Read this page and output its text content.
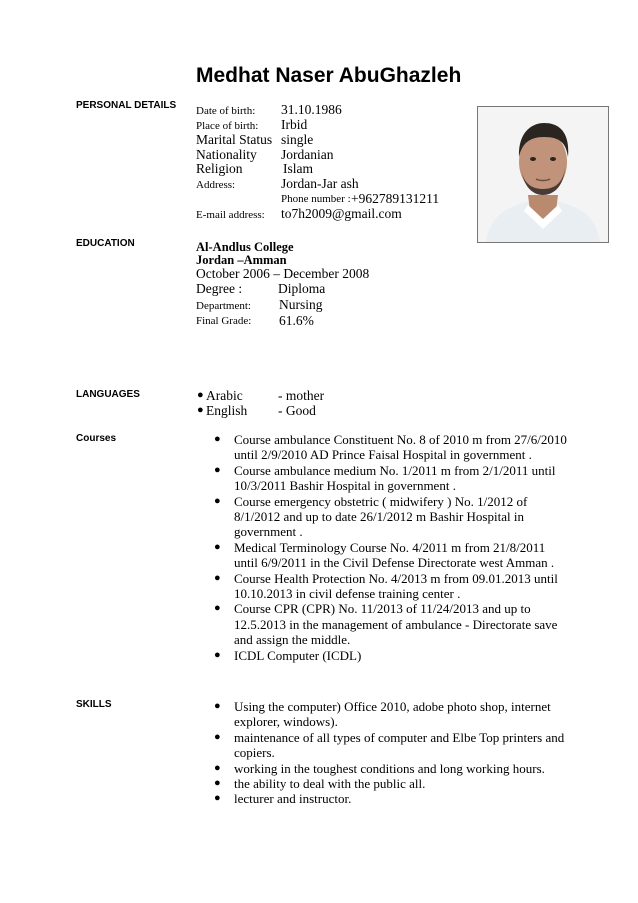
Medhat Naser AbuGhazleh
PERSONAL DETAILS
EDUCATION
LANGUAGES
Courses
SKILLS
Date of birth: 31.10.1986
Place of birth: Irbid
Marital Status single
Nationality Jordanian
Religion	Islam
Address:	Jordan-Jar ash
Phone number : +962789131211
E-mail address: to7h2009@gmail.com
Al-Andlus College
Jordan –Amman
October 2006 – December 2008
Degree :	Diploma
Department: Nursing
Final Grade: 61.6%
● Arabic	- mother
● English - Good
● Course ambulance Constituent No. 8 of 2010 m from 27/6/2010
until 2/9/2010 AD Prince Faisal Hospital in government .
● Course ambulance medium No. 1/2011 m from 2/1/2011 until
10/3/2011 Bashir Hospital in government .
● Course emergency obstetric ( midwifery ) No. 1/2012 of
8/1/2012 and up to date 26/1/2012 m Bashir Hospital in
government .
● Medical Terminology Course No. 4/2011 m from 21/8/2011
until 6/9/2011 in the Civil Defense Directorate west Amman .
● Course Health Protection No. 4/2013 m from 09.01.2013 until
10.10.2013 in civil defense training center .
● Course CPR (CPR) No. 11/2013 of 11/24/2013 and up to
12.5.2013 in the management of ambulance - Directorate save
and assign the middle.
● ICDL Computer (ICDL)
● Using the computer) Office 2010, adobe photo shop, internet
explorer, windows).
● maintenance of all types of computer and Elbe Top printers and
copiers.
● working in the toughest conditions and long working hours.
● the ability to deal with the public all.
● lecturer and instructor.
